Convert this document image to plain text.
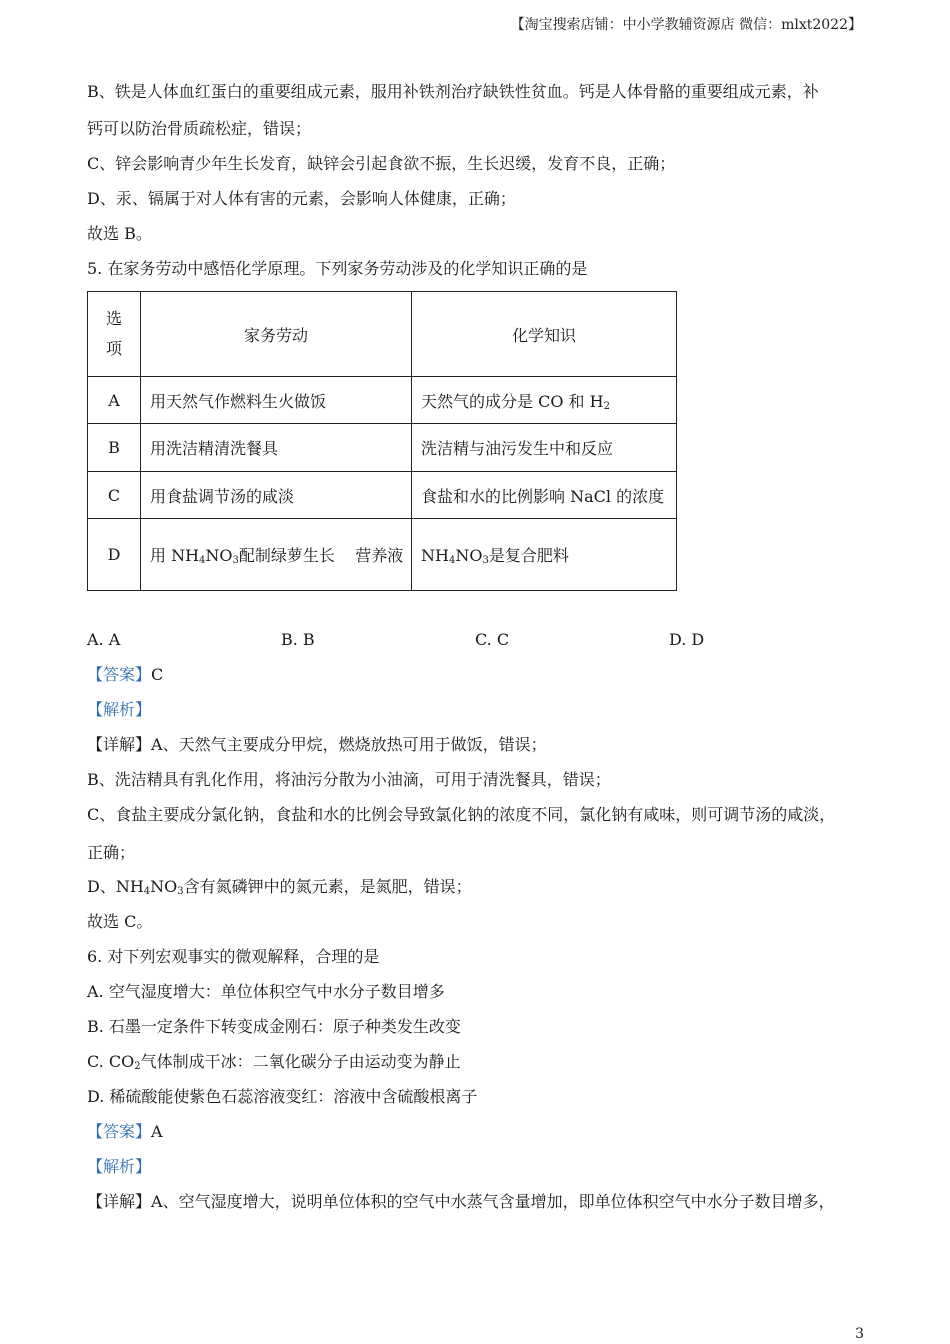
【淘宝搜索店铺：中小学教辅资源店 微信：mlxt2022】
B、铁是人体血红蛋白的重要组成元素，服用补铁剂治疗缺铁性贫血。钙是人体骨骼的重要组成元素，补
钙可以防治骨质疏松症，错误；
C、锌会影响青少年生长发育，缺锌会引起食欲不振，生长迟缓，发育不良，正确；
D、汞、镉属于对人体有害的元素，会影响人体健康，正确；
故选 B。
5. 在家务劳动中感悟化学原理。下列家务劳动涉及的化学知识正确的是
选
项	家务劳动	化学知识
A	用天然气作燃料生火做饭	天然气的成分是 CO 和 $H_2$
B	用洗洁精清洗餐具	洗洁精与油污发生中和反应
C	用食盐调节汤的咸淡	食盐和水的比例影响 NaCl 的浓度
D	用 $NH_4NO_3$配制绿萝生长    营养液	$NH_4NO_3$是复合肥料
A. A	B. B	C. C	D. D
【答案】C
【解析】
【详解】A、天然气主要成分甲烷，燃烧放热可用于做饭，错误；
B、洗洁精具有乳化作用，将油污分散为小油滴，可用于清洗餐具，错误；
C、食盐主要成分氯化钠，食盐和水的比例会导致氯化钠的浓度不同，氯化钠有咸味，则可调节汤的咸淡，
正确；
D、$NH_4NO_3$含有氮磷钾中的氮元素，是氮肥，错误；
故选 C。
6. 对下列宏观事实的微观解释，合理的是
A. 空气湿度增大：单位体积空气中水分子数目增多
B. 石墨一定条件下转变成金刚石：原子种类发生改变
C. $CO_2$气体制成干冰：二氧化碳分子由运动变为静止
D. 稀硫酸能使紫色石蕊溶液变红：溶液中含硫酸根离子
【答案】A
【解析】
【详解】A、空气湿度增大，说明单位体积的空气中水蒸气含量增加，即单位体积空气中水分子数目增多，
3
